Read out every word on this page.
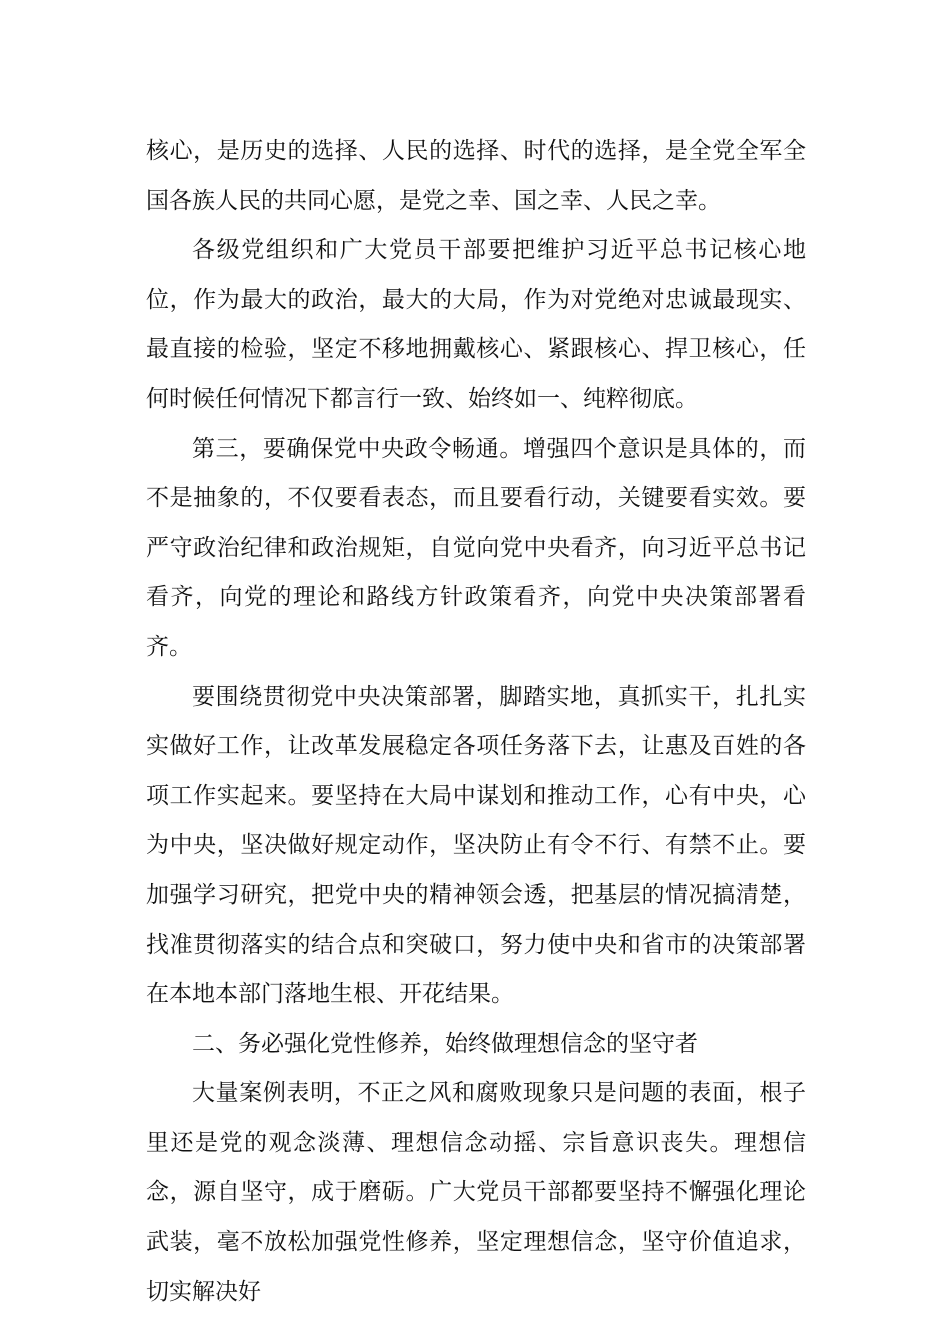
核心，是历史的选择、人民的选择、时代的选择，是全党全军全国各族人民的共同心愿，是党之幸、国之幸、人民之幸。

各级党组织和广大党员干部要把维护习近平总书记核心地位，作为最大的政治，最大的大局，作为对党绝对忠诚最现实、最直接的检验，坚定不移地拥戴核心、紧跟核心、捍卫核心，任何时候任何情况下都言行一致、始终如一、纯粹彻底。

第三，要确保党中央政令畅通。增强四个意识是具体的，而不是抽象的，不仅要看表态，而且要看行动，关键要看实效。要严守政治纪律和政治规矩，自觉向党中央看齐，向习近平总书记看齐，向党的理论和路线方针政策看齐，向党中央决策部署看齐。

要围绕贯彻党中央决策部署，脚踏实地，真抓实干，扎扎实实做好工作，让改革发展稳定各项任务落下去，让惠及百姓的各项工作实起来。要坚持在大局中谋划和推动工作，心有中央，心为中央，坚决做好规定动作，坚决防止有令不行、有禁不止。要加强学习研究，把党中央的精神领会透，把基层的情况搞清楚，找准贯彻落实的结合点和突破口，努力使中央和省市的决策部署在本地本部门落地生根、开花结果。

二、务必强化党性修养，始终做理想信念的坚守者

大量案例表明，不正之风和腐败现象只是问题的表面，根子里还是党的观念淡薄、理想信念动摇、宗旨意识丧失。理想信念，源自坚守，成于磨砺。广大党员干部都要坚持不懈强化理论武装，毫不放松加强党性修养，坚定理想信念，坚守价值追求，切实解决好
